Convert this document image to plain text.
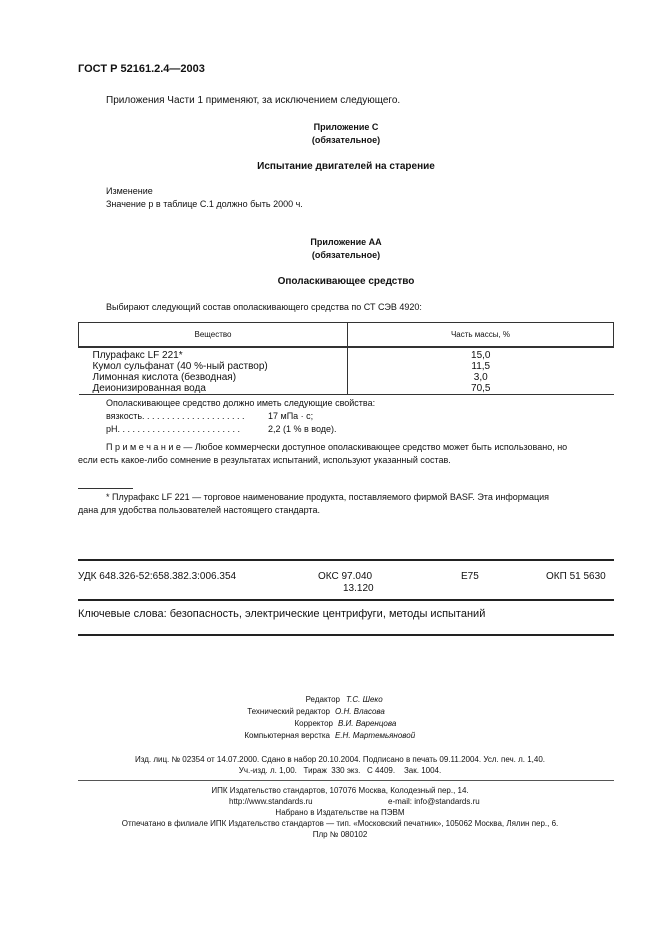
ГОСТ Р 52161.2.4—2003
Приложения Части 1 применяют, за исключением следующего.
Приложение С
(обязательное)
Испытание двигателей на старение
Изменение
Значение p в таблице С.1 должно быть 2000 ч.
Приложение АА
(обязательное)
Ополаскивающее средство
Выбирают следующий состав ополаскивающего средства по СТ СЭВ 4920:
Вещество	Часть массы, %
Плурафакс LF 221*	15,0
Кумол сульфанат (40 %-ный раствор)	11,5
Лимонная кислота (безводная)	3,0
Деионизированная вода	70,5
Ополаскивающее средство должно иметь следующие свойства:
вязкость. . . . . . . . . . . . . . . . . . . . .	17 мПа · с;
pH. . . . . . . . . . . . . . . . . . . . . . . . .	2,2 (1 % в воде).
П р и м е ч а н и е — Любое коммерчески доступное ополаскивающее средство может быть использовано, но
если есть какое-либо сомнение в результатах испытаний, используют указанный состав.
* Плурафакс LF 221 — торговое наименование продукта, поставляемого фирмой BASF. Эта информация
дана для удобства пользователей настоящего стандарта.
УДК 648.326-52:658.382.3:006.354	ОКС 97.040
13.120
Е75	ОКП 51 5630
Ключевые слова: безопасность, электрические центрифуги, методы испытаний
Редактор Т.С. Шеко
Технический редактор О.Н. Власова
Корректор В.И. Варенцова
Компьютерная верстка Е.Н. Мартемьяновой
Изд. лиц. № 02354 от 14.07.2000. Сдано в набор 20.10.2004. Подписано в печать 09.11.2004. Усл. печ. л. 1,40.
Уч.-изд. л. 1,00.   Тираж  330 экз.   С 4409.    Зак. 1004.
ИПК Издательство стандартов, 107076 Москва, Колодезный пер., 14.
http://www.standards.ru	e-mail: info@standards.ru
Набрано в Издательстве на ПЭВМ
Отпечатано в филиале ИПК Издательство стандартов — тип. «Московский печатник», 105062 Москва, Лялин пер., 6.
Плр № 080102
